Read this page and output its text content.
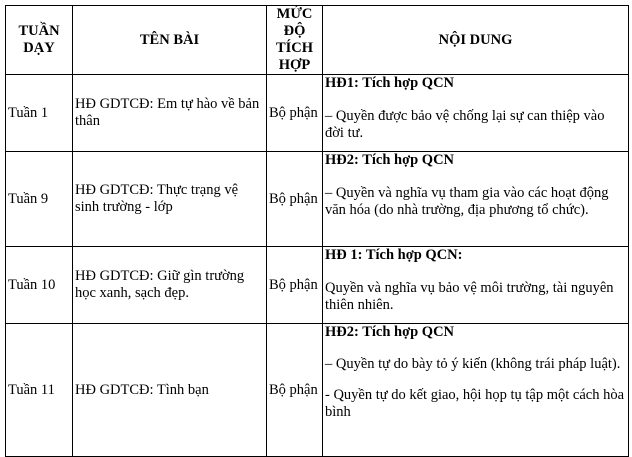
TUẦN DẠY	TÊN BÀI	MỨC ĐỘ TÍCH HỢP	NỘI DUNG
Tuần 1	HĐ GDTCĐ: Em tự hào về bản thân	Bộ phận	HĐ1: Tích hợp QCN
– Quyền được bảo vệ chống lại sự can thiệp vào đời tư.

Tuần 9	HĐ GDTCĐ: Thực trạng vệ sinh trường - lớp	Bộ phận	HĐ2: Tích hợp QCN
– Quyền và nghĩa vụ tham gia vào các hoạt động văn hóa (do nhà trường, địa phương tổ chức).

Tuần 10	HĐ GDTCĐ: Giữ gìn trường học xanh, sạch đẹp.	Bộ phận	HĐ 1: Tích hợp QCN:
Quyền và nghĩa vụ bảo vệ môi trường, tài nguyên thiên nhiên.

Tuần 11	HĐ GDTCĐ: Tình bạn	Bộ phận	HĐ2: Tích hợp QCN
– Quyền tự do bày tỏ ý kiến (không trái pháp luật).
- Quyền tự do kết giao, hội họp tụ tập một cách hòa bình
